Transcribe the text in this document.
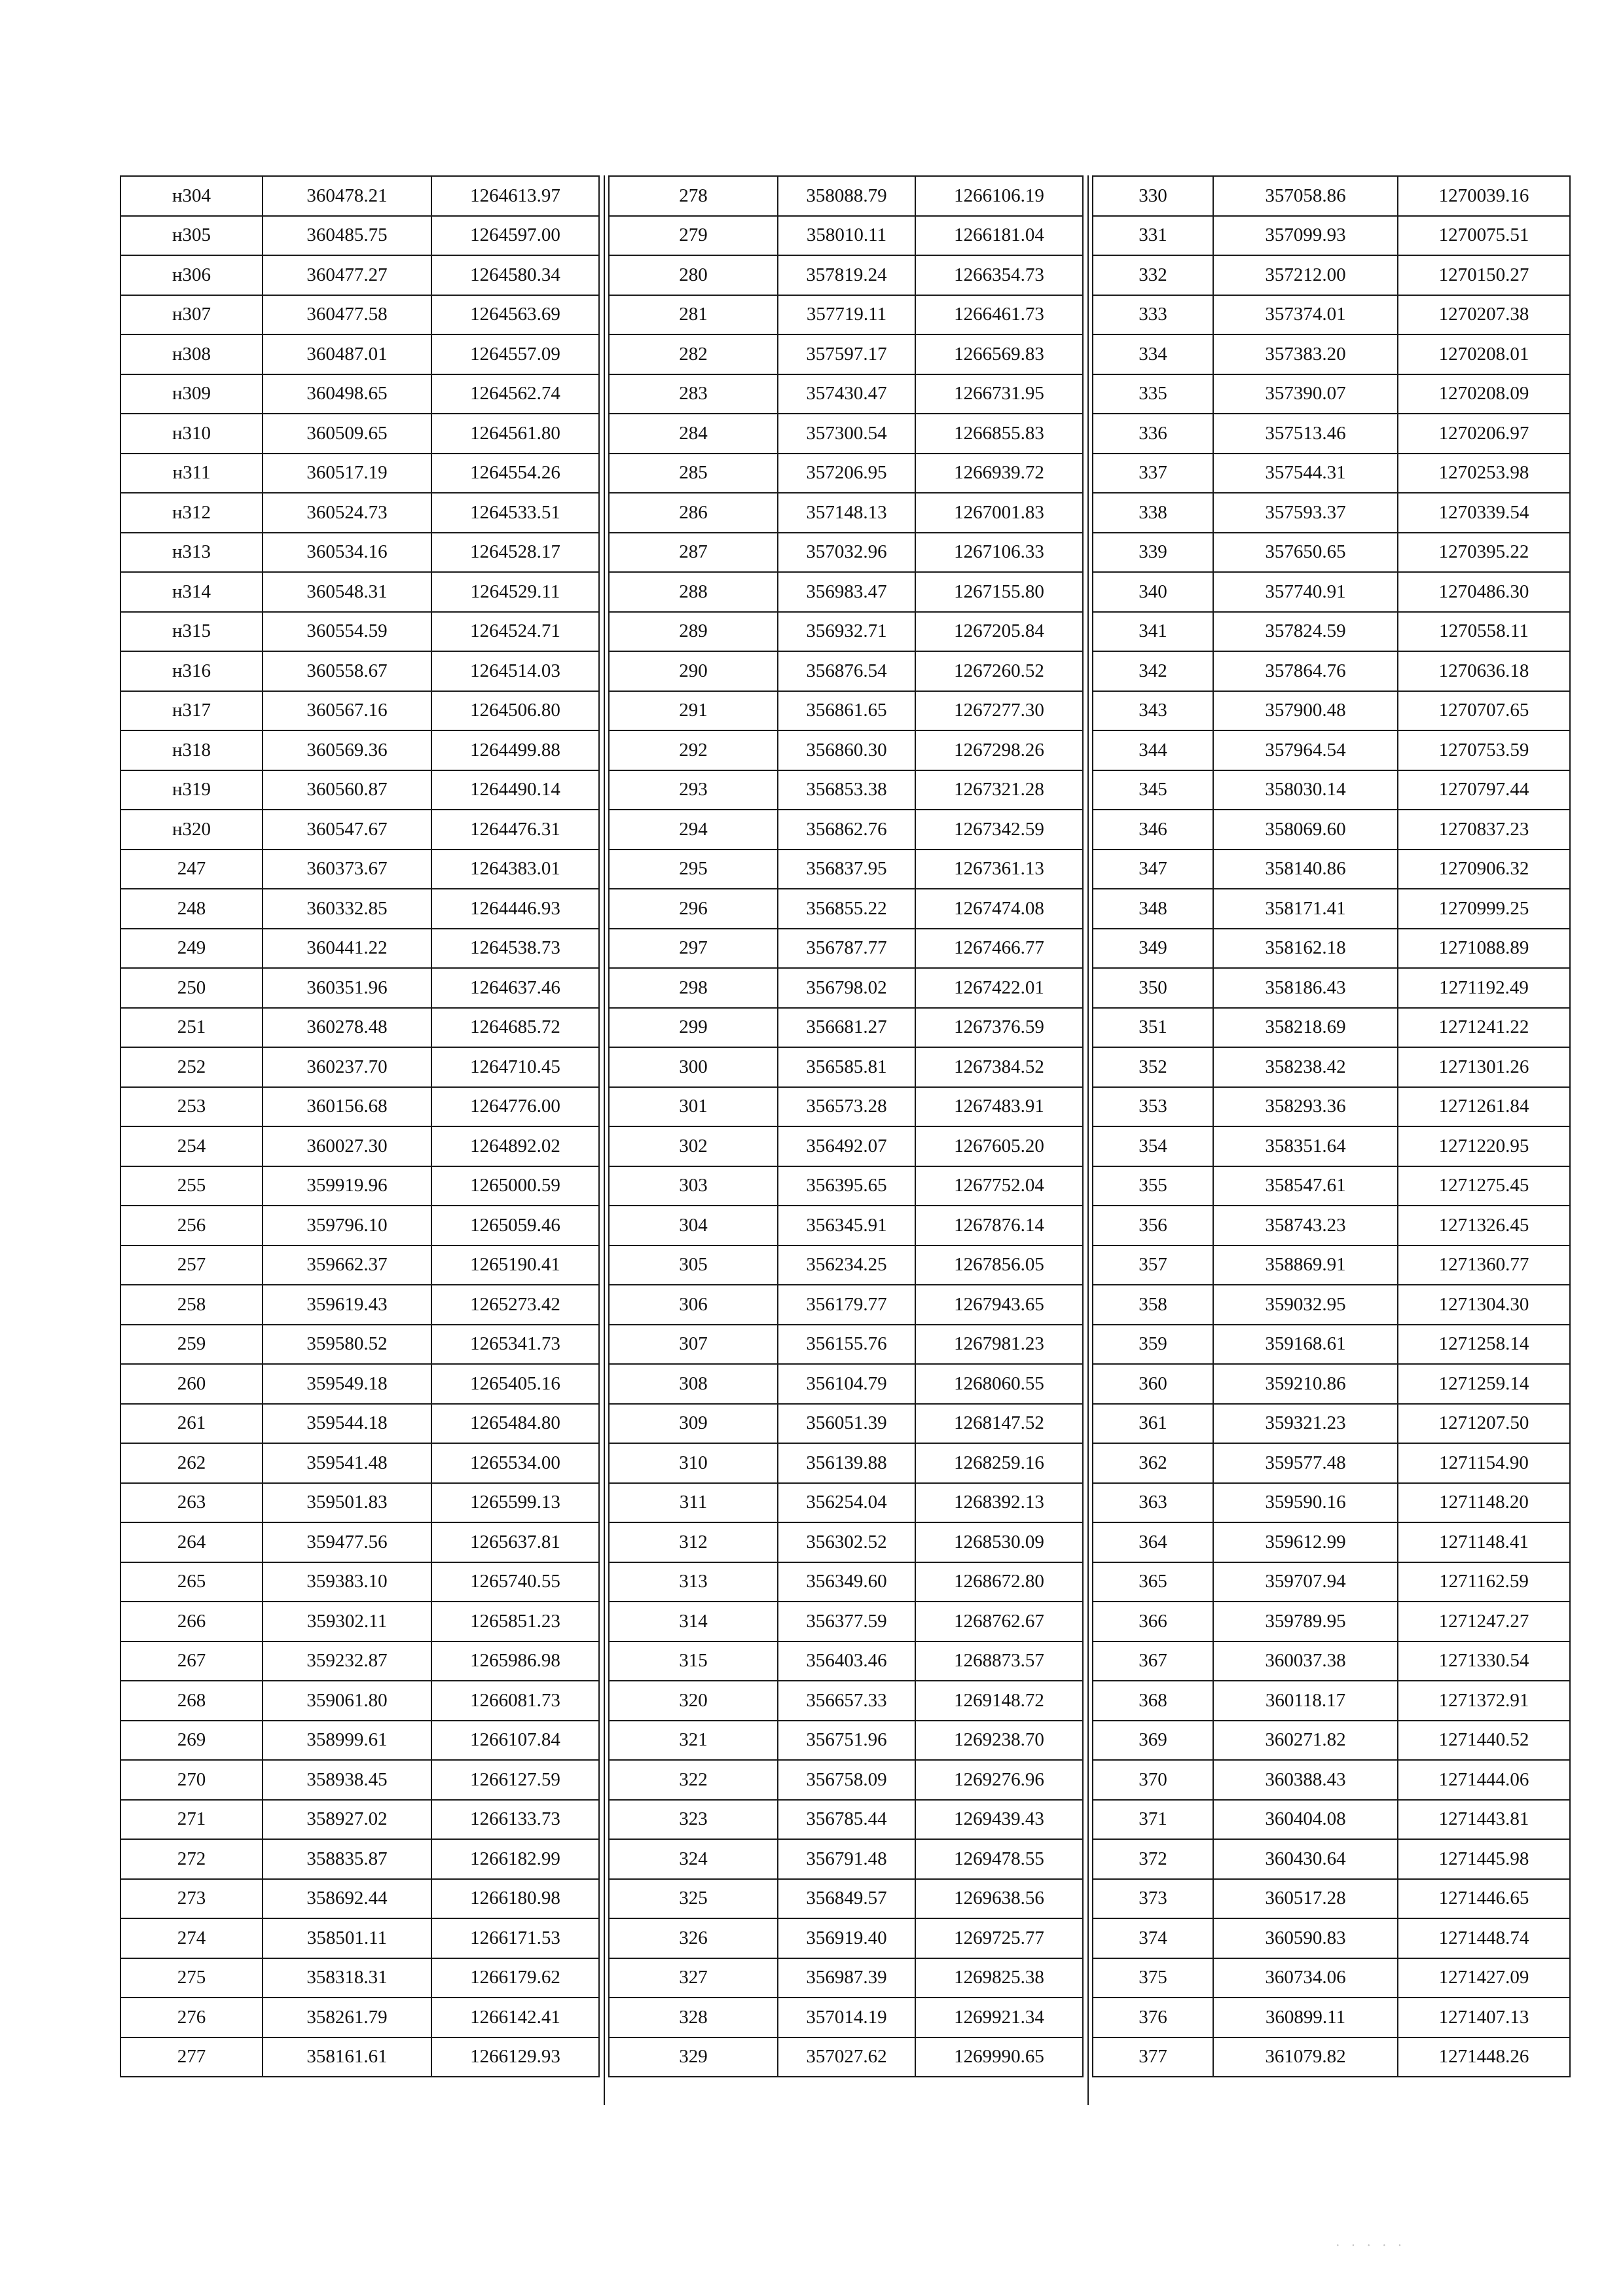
н304	360478.21	1264613.97
н305	360485.75	1264597.00
н306	360477.27	1264580.34
н307	360477.58	1264563.69
н308	360487.01	1264557.09
н309	360498.65	1264562.74
н310	360509.65	1264561.80
н311	360517.19	1264554.26
н312	360524.73	1264533.51
н313	360534.16	1264528.17
н314	360548.31	1264529.11
н315	360554.59	1264524.71
н316	360558.67	1264514.03
н317	360567.16	1264506.80
н318	360569.36	1264499.88
н319	360560.87	1264490.14
н320	360547.67	1264476.31
247	360373.67	1264383.01
248	360332.85	1264446.93
249	360441.22	1264538.73
250	360351.96	1264637.46
251	360278.48	1264685.72
252	360237.70	1264710.45
253	360156.68	1264776.00
254	360027.30	1264892.02
255	359919.96	1265000.59
256	359796.10	1265059.46
257	359662.37	1265190.41
258	359619.43	1265273.42
259	359580.52	1265341.73
260	359549.18	1265405.16
261	359544.18	1265484.80
262	359541.48	1265534.00
263	359501.83	1265599.13
264	359477.56	1265637.81
265	359383.10	1265740.55
266	359302.11	1265851.23
267	359232.87	1265986.98
268	359061.80	1266081.73
269	358999.61	1266107.84
270	358938.45	1266127.59
271	358927.02	1266133.73
272	358835.87	1266182.99
273	358692.44	1266180.98
274	358501.11	1266171.53
275	358318.31	1266179.62
276	358261.79	1266142.41
277	358161.61	1266129.93
278	358088.79	1266106.19
279	358010.11	1266181.04
280	357819.24	1266354.73
281	357719.11	1266461.73
282	357597.17	1266569.83
283	357430.47	1266731.95
284	357300.54	1266855.83
285	357206.95	1266939.72
286	357148.13	1267001.83
287	357032.96	1267106.33
288	356983.47	1267155.80
289	356932.71	1267205.84
290	356876.54	1267260.52
291	356861.65	1267277.30
292	356860.30	1267298.26
293	356853.38	1267321.28
294	356862.76	1267342.59
295	356837.95	1267361.13
296	356855.22	1267474.08
297	356787.77	1267466.77
298	356798.02	1267422.01
299	356681.27	1267376.59
300	356585.81	1267384.52
301	356573.28	1267483.91
302	356492.07	1267605.20
303	356395.65	1267752.04
304	356345.91	1267876.14
305	356234.25	1267856.05
306	356179.77	1267943.65
307	356155.76	1267981.23
308	356104.79	1268060.55
309	356051.39	1268147.52
310	356139.88	1268259.16
311	356254.04	1268392.13
312	356302.52	1268530.09
313	356349.60	1268672.80
314	356377.59	1268762.67
315	356403.46	1268873.57
320	356657.33	1269148.72
321	356751.96	1269238.70
322	356758.09	1269276.96
323	356785.44	1269439.43
324	356791.48	1269478.55
325	356849.57	1269638.56
326	356919.40	1269725.77
327	356987.39	1269825.38
328	357014.19	1269921.34
329	357027.62	1269990.65
330	357058.86	1270039.16
331	357099.93	1270075.51
332	357212.00	1270150.27
333	357374.01	1270207.38
334	357383.20	1270208.01
335	357390.07	1270208.09
336	357513.46	1270206.97
337	357544.31	1270253.98
338	357593.37	1270339.54
339	357650.65	1270395.22
340	357740.91	1270486.30
341	357824.59	1270558.11
342	357864.76	1270636.18
343	357900.48	1270707.65
344	357964.54	1270753.59
345	358030.14	1270797.44
346	358069.60	1270837.23
347	358140.86	1270906.32
348	358171.41	1270999.25
349	358162.18	1271088.89
350	358186.43	1271192.49
351	358218.69	1271241.22
352	358238.42	1271301.26
353	358293.36	1271261.84
354	358351.64	1271220.95
355	358547.61	1271275.45
356	358743.23	1271326.45
357	358869.91	1271360.77
358	359032.95	1271304.30
359	359168.61	1271258.14
360	359210.86	1271259.14
361	359321.23	1271207.50
362	359577.48	1271154.90
363	359590.16	1271148.20
364	359612.99	1271148.41
365	359707.94	1271162.59
366	359789.95	1271247.27
367	360037.38	1271330.54
368	360118.17	1271372.91
369	360271.82	1271440.52
370	360388.43	1271444.06
371	360404.08	1271443.81
372	360430.64	1271445.98
373	360517.28	1271446.65
374	360590.83	1271448.74
375	360734.06	1271427.09
376	360899.11	1271407.13
377	361079.82	1271448.26
· · · · ·
